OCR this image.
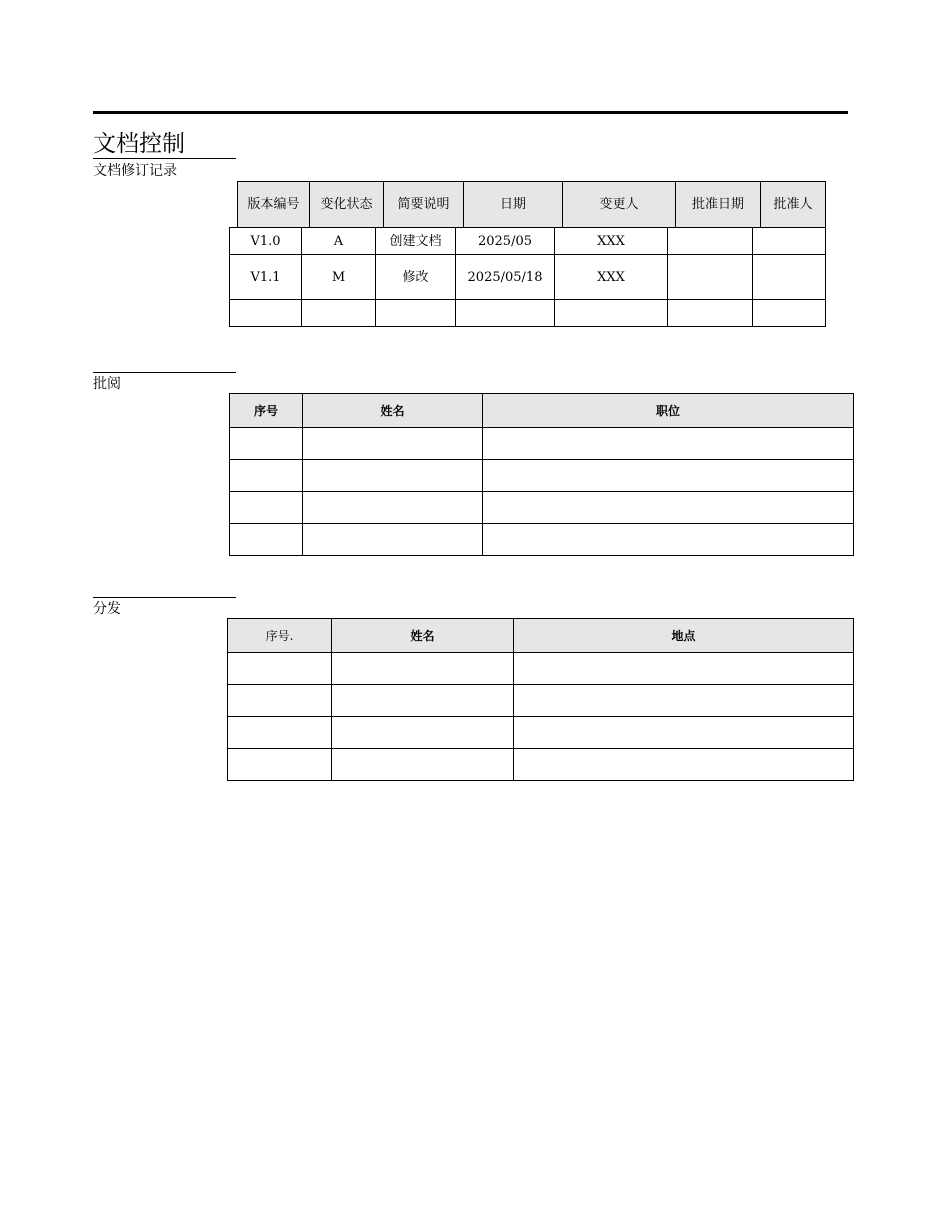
文档控制
文档修订记录
版本编号	变化状态	简要说明	日期	变更人	批准日期	批准人
V1.0	A	创建文档	2025/05	XXX		
V1.1	M	修改	2025/05/18	XXX		

批阅
序号	姓名	职位

分发
序号.	姓名	地点
